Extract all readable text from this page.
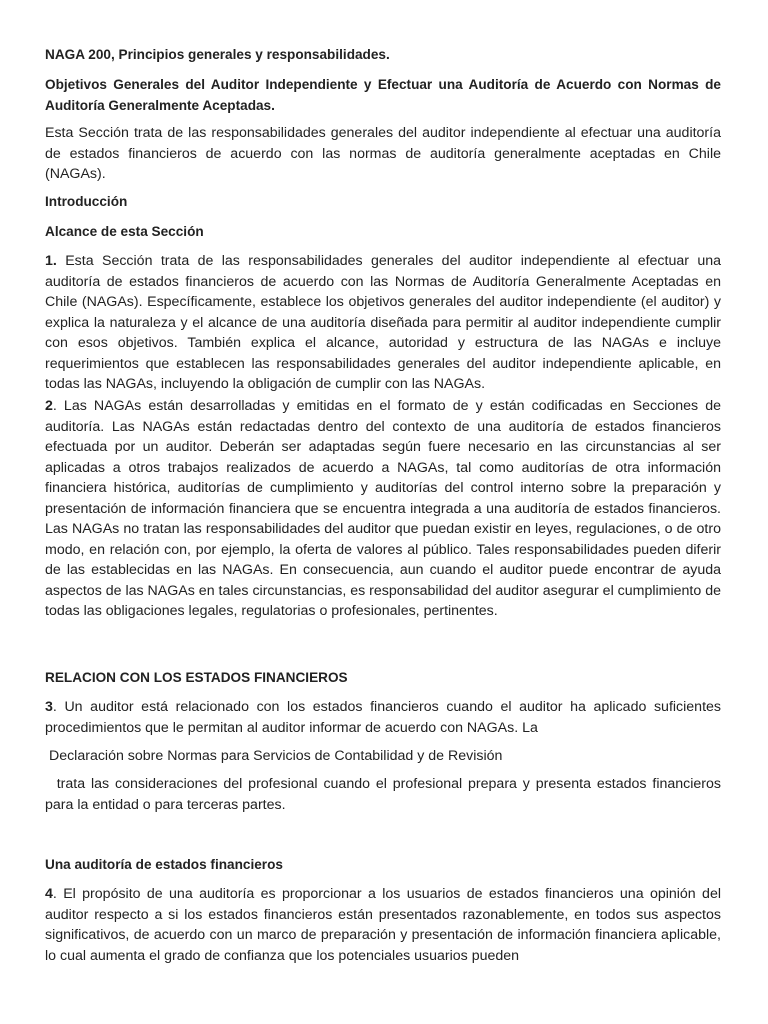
NAGA 200, Principios generales y responsabilidades.

Objetivos Generales del Auditor Independiente y Efectuar una Auditoría de Acuerdo con Normas de Auditoría Generalmente Aceptadas.

Esta Sección trata de las responsabilidades generales del auditor independiente al efectuar una auditoría de estados financieros de acuerdo con las normas de auditoría generalmente aceptadas en Chile (NAGAs).

Introducción

Alcance de esta Sección

1. Esta Sección trata de las responsabilidades generales del auditor independiente al efectuar una auditoría de estados financieros de acuerdo con las Normas de Auditoría Generalmente Aceptadas en Chile (NAGAs). Específicamente, establece los objetivos generales del auditor independiente (el auditor) y explica la naturaleza y el alcance de una auditoría diseñada para permitir al auditor independiente cumplir con esos objetivos. También explica el alcance, autoridad y estructura de las NAGAs e incluye requerimientos que establecen las responsabilidades generales del auditor independiente aplicable, en todas las NAGAs, incluyendo la obligación de cumplir con las NAGAs.

2. Las NAGAs están desarrolladas y emitidas en el formato de y están codificadas en Secciones de auditoría. Las NAGAs están redactadas dentro del contexto de una auditoría de estados financieros efectuada por un auditor. Deberán ser adaptadas según fuere necesario en las circunstancias al ser aplicadas a otros trabajos realizados de acuerdo a NAGAs, tal como auditorías de otra información financiera histórica, auditorías de cumplimiento y auditorías del control interno sobre la preparación y presentación de información financiera que se encuentra integrada a una auditoría de estados financieros. Las NAGAs no tratan las responsabilidades del auditor que puedan existir en leyes, regulaciones, o de otro modo, en relación con, por ejemplo, la oferta de valores al público. Tales responsabilidades pueden diferir de las establecidas en las NAGAs. En consecuencia, aun cuando el auditor puede encontrar de ayuda aspectos de las NAGAs en tales circunstancias, es responsabilidad del auditor asegurar el cumplimiento de todas las obligaciones legales, regulatorias o profesionales, pertinentes.

RELACION CON LOS ESTADOS FINANCIEROS

3. Un auditor está relacionado con los estados financieros cuando el auditor ha aplicado suficientes procedimientos que le permitan al auditor informar de acuerdo con NAGAs. La

Declaración sobre Normas para Servicios de Contabilidad y de Revisión

trata las consideraciones del profesional cuando el profesional prepara y presenta estados financieros para la entidad o para terceras partes.

Una auditoría de estados financieros

4. El propósito de una auditoría es proporcionar a los usuarios de estados financieros una opinión del auditor respecto a si los estados financieros están presentados razonablemente, en todos sus aspectos significativos, de acuerdo con un marco de preparación y presentación de información financiera aplicable, lo cual aumenta el grado de confianza que los potenciales usuarios pueden
